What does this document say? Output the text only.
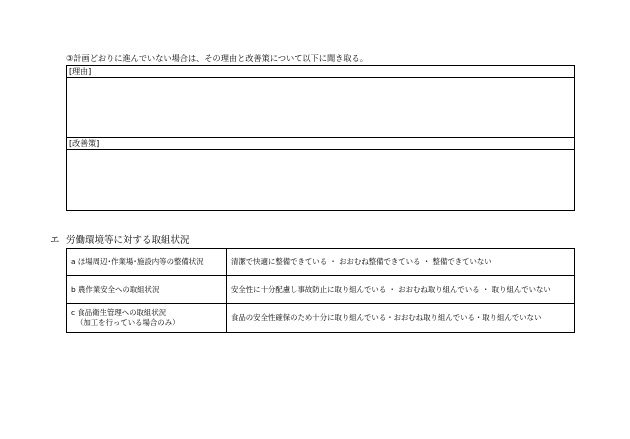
③計画どおりに進んでいない場合は、その理由と改善策について以下に聞き取る。
[理由]
[改善策]
エ 労働環境等に対する取組状況
a ほ場周辺･作業場･施設内等の整備状況	清潔で快適に整備できている ・ おおむね整備できている ・ 整備できていない
b 農作業安全への取組状況	安全性に十分配慮し事故防止に取り組んでいる ・ おおむね取り組んでいる ・ 取り組んでいない
c 食品衛生管理への取組状況
（加工を行っている場合のみ）	食品の安全性確保のため十分に取り組んでいる・おおむね取り組んでいる・取り組んでいない
